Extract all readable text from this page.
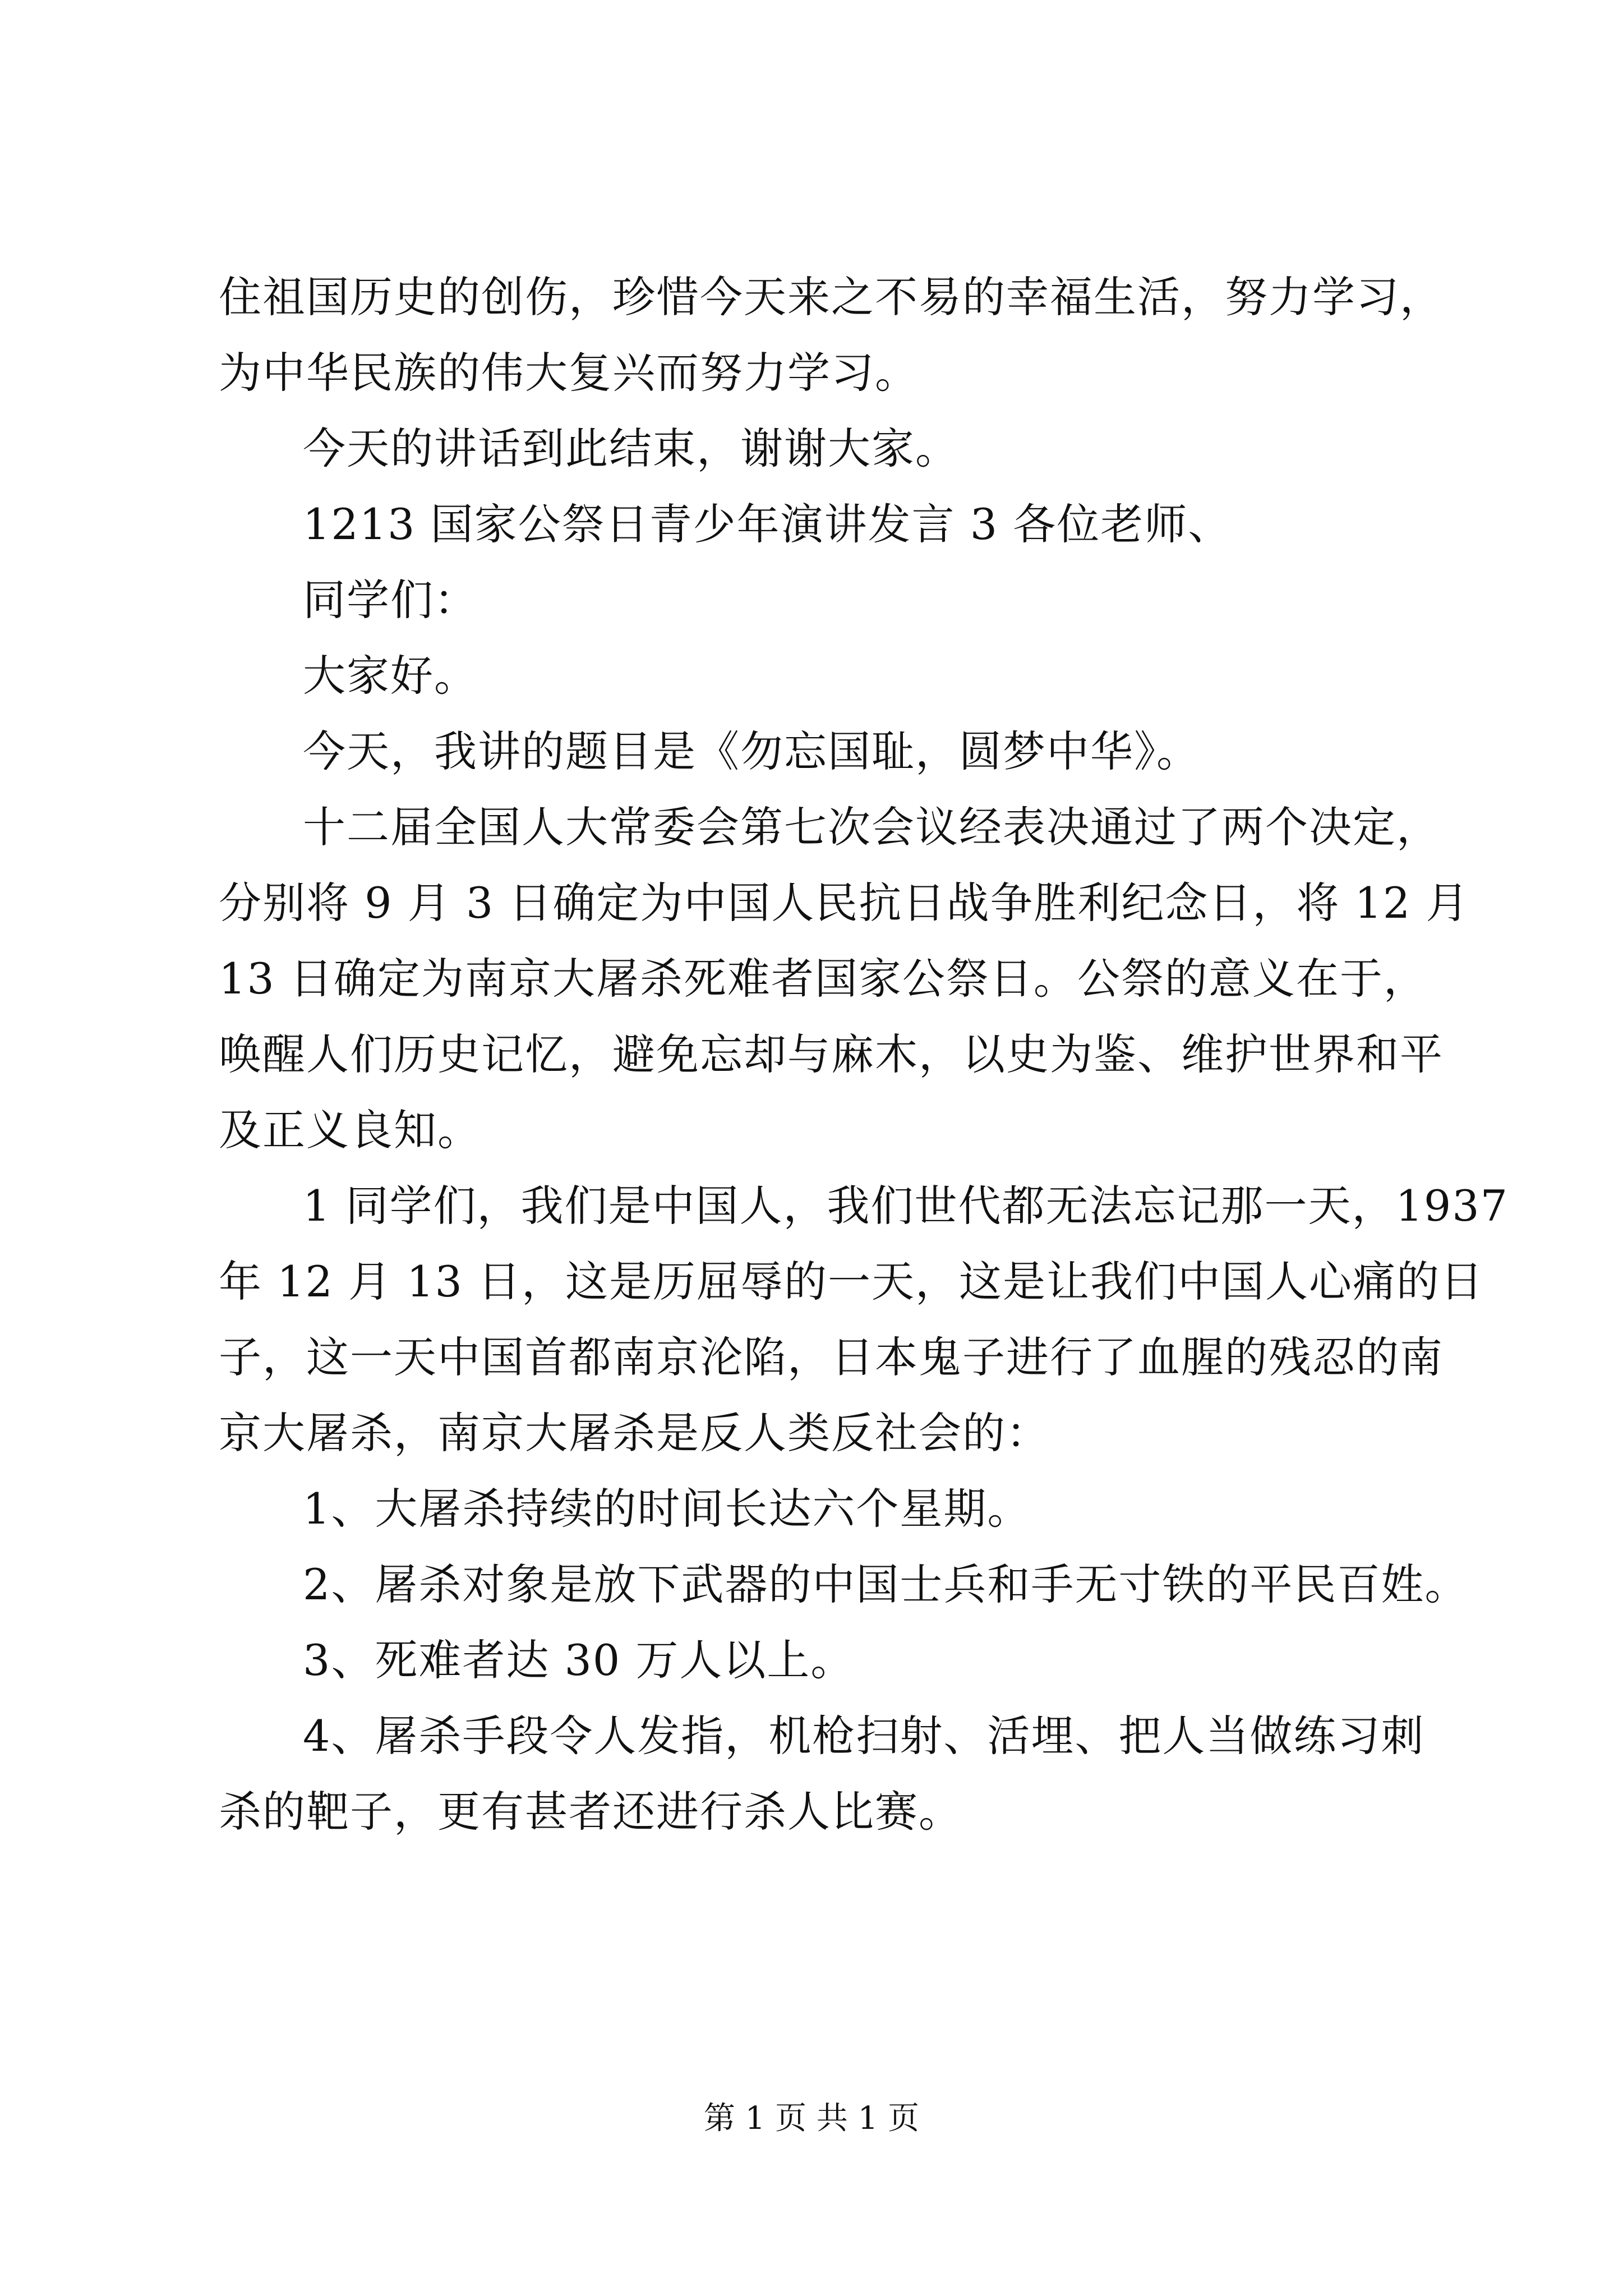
住祖国历史的创伤，珍惜今天来之不易的幸福生活，努力学习，

为中华民族的伟大复兴而努力学习。

今天的讲话到此结束，谢谢大家。

1213 国家公祭日青少年演讲发言 3 各位老师、

同学们：

大家好。

今天，我讲的题目是《勿忘国耻，圆梦中华》。

十二届全国人大常委会第七次会议经表决通过了两个决定，

分别将 9 月 3 日确定为中国人民抗日战争胜利纪念日，将 12 月

13 日确定为南京大屠杀死难者国家公祭日。公祭的意义在于，

唤醒人们历史记忆，避免忘却与麻木，以史为鉴、维护世界和平

及正义良知。

1 同学们，我们是中国人，我们世代都无法忘记那一天，1937

年 12 月 13 日，这是历屈辱的一天，这是让我们中国人心痛的日

子，这一天中国首都南京沦陷，日本鬼子进行了血腥的残忍的南

京大屠杀，南京大屠杀是反人类反社会的：

1、大屠杀持续的时间长达六个星期。

2、屠杀对象是放下武器的中国士兵和手无寸铁的平民百姓。

3、死难者达 30 万人以上。

4、屠杀手段令人发指，机枪扫射、活埋、把人当做练习刺

杀的靶子，更有甚者还进行杀人比赛。

第 1 页 共 1 页
